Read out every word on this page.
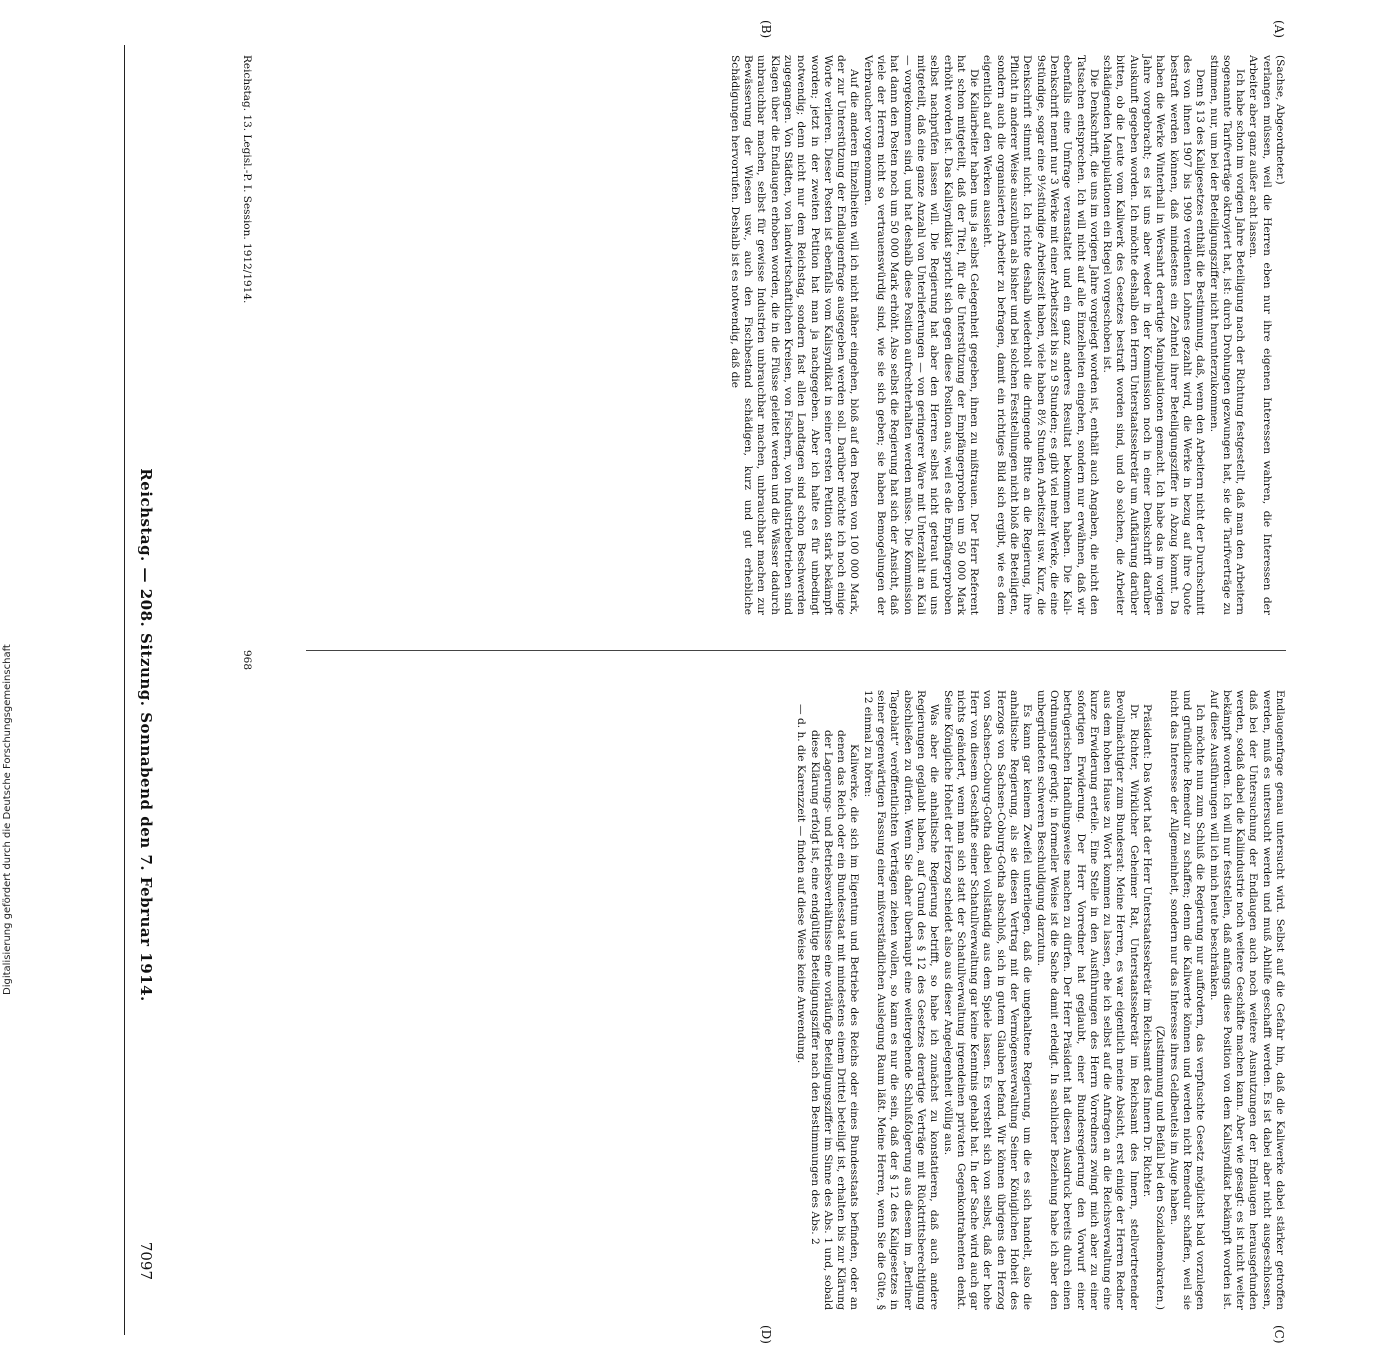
Reichstag. — 208. Sitzung. Sonnabend den 7. Februar 1914.
7097
(A)
(B)
(C)
(D)

(Sachse, Abgeordneter.)

verlangen müssen, weil die Herren eben nur ihre eigenen Interessen wahren, die Interessen der Arbeiter aber ganz außer acht lassen.

Ich habe schon im vorigen Jahre Beteiligung nach der Richtung festgestellt, daß man den Arbeitern sogenannte Tarifverträge oktroyiert hat, ist: durch Drohungen gezwungen hat, sie die Tarifverträge zu stimmen, nur, um bei der Beteiligungsziffer nicht herunterzukommen.

Denn § 13 des Kaligesetzes enthält die Bestimmung, daß, wenn den Arbeitern nicht der Durchschnitt des von ihnen 1907 bis 1909 verdienten Lohnes gezahlt wird, die Werke in bezug auf ihre Quote bestraft werden können, daß mindestens ein Zehntel ihrer Beteiligungsziffer in Abzug kommt. Da haben die Werke Winterhall in Wersahrt derartige Manipulationen gemacht. Ich habe das im vorigen Jahre vorgebracht; es ist uns aber weder in der Kommission noch in einer Denkschrift darüber Auskunft gegeben worden. Ich möchte deshalb den Herrn Unterstaatssekretär um Aufklärung darüber bitten, ob die Leute vom Kaliwerk des Gesetzes bestraft worden sind, und ob solchen, die Arbeiter schädigenden Manipulationen ein Riegel vorgeschoben ist.

Die Denkschrift, die uns im vorigen Jahre vorgelegt worden ist, enthält auch Angaben, die nicht den Tatsachen entsprechen. Ich will nicht auf alle Einzelheiten eingehen, sondern nur erwähnen, daß wir ebenfalls eine Umfrage veranstaltet und ein ganz anderes Resultat bekommen haben. Die Kali-Denkschrift nennt nur 3 Werke mit einer Arbeitszeit bis zu 9 Stunden; es gibt viel mehr Werke, die eine 9stündige, sogar eine 9½stündige Arbeitszeit haben, viele haben 8½ Stunden Arbeitszeit usw. Kurz, die Denkschrift stimmt nicht. Ich richte deshalb wiederholt die dringende Bitte an die Regierung, ihre Pflicht in anderer Weise auszuüben als bisher und bei solchen Feststellungen nicht bloß die Beteiligten, sondern auch die organisierten Arbeiter zu befragen, damit ein richtiges Bild sich ergibt, wie es dem eigentlich auf den Werken aussieht.

Die Kaliarbeiter haben uns ja selbst Gelegenheit gegeben, ihnen zu mißtrauen. Der Herr Referent hat schon mitgeteilt, daß der Titel, für die Unterstützung der Empfängerproben um 50 000 Mark erhöht worden ist. Das Kalisyndikat spricht sich gegen diese Position aus, weil es die Empfängerproben selbst nachprüfen lassen will. Die Regierung hat aber den Herren selbst nicht getraut und uns mitgeteilt, daß eine ganze Anzahl von Unterlieferungen — von geringerer Ware mit Unterzahlt an Kali — vorgekommen sind, und hat deshalb diese Position aufrechterhalten werden müsse. Die Kommission hat dann den Posten noch um 50 000 Mark erhöht. Also selbst die Regierung hat sich der Ansicht, daß viele der Herren nicht so vertrauenswürdig sind, wie sie sich geben; sie haben Bemogelungen der Verbraucher vorgenommen.

Auf die anderen Einzelheiten will ich nicht näher eingehen, bloß auf den Posten von 100 000 Mark, der zur Unterstützung der Endlaugenfrage ausgegeben werden soll. Darüber möchte ich noch einige Worte verlieren. Dieser Posten ist ebenfalls vom Kalisyndikat in seiner ersten Petition stark bekämpft worden; jetzt in der zweiten Petition hat man ja nachgegeben. Aber ich halte es für unbedingt notwendig; denn nicht nur dem Reichstag, sondern fast allen Landtagen sind schon Beschwerden zugegangen. Von Städten, von landwirtschaftlichen Kreisen, von Fischern, von Industriebetrieben sind Klagen über die Endlaugen erhoben worden, die in die Flüsse geleitet werden und die Wässer dadurch unbrauchbar machen, selbst für gewisse Industrien unbrauchbar machen, unbrauchbar machen zur Bewässerung der Wiesen usw., auch den Fischbestand schädigen, kurz und gut erhebliche Schädigungen hervorrufen. Deshalb ist es notwendig, daß die

Endlaugenfrage genau untersucht wird. Selbst auf die Gefahr hin, daß die Kaliwerke dabei stärker getroffen werden, muß es untersucht werden und muß Abhilfe geschafft werden. Es ist dabei aber nicht ausgeschlossen, daß bei der Untersuchung der Endlaugen auch noch weitere Ausnutzungen der Endlaugen herausgefunden werden, sodaß dabei die Kaliindustrie noch weitere Geschäfte machen kann. Aber wie gesagt: es ist nicht weiter bekämpft worden. Ich will nur feststellen, daß anfangs diese Position von dem Kalisyndikat bekämpft worden ist. Auf diese Ausführungen will ich mich heute beschränken.

Ich möchte nun zum Schluß die Regierung nur auffordern, das verpfuschte Gesetz möglichst bald vorzulegen und gründliche Remedur zu schaffen; denn die Kaliwerte können und werden nicht Remedur schaffen, weil sie nicht das Interesse der Allgemeinheit, sondern nur das Interesse ihres Geldbeutels im Auge haben.

(Zustimmung und Beifall bei den Sozialdemokraten.)

Präsident: Das Wort hat der Herr Unterstaatssekretär im Reichsamt des Innern Dr. Richter.

Dr. Richter, Wirklicher Geheimer Rat, Unterstaatssekretär im Reichsamt des Innern, stellvertretender Bevollmächtigter zum Bundesrat: Meine Herren, es war eigentlich meine Absicht, erst einige der Herren Redner aus dem hohen Hause zu Wort kommen zu lassen, ehe ich selbst auf die Anfragen an die Reichsverwaltung eine kurze Erwiderung erteile. Eine Stelle in den Ausführungen des Herrn Vorredners zwingt mich aber zu einer sofortigen Erwiderung. Der Herr Vorredner hat geglaubt, einer Bundesregierung den Vorwurf einer betrügerischen Handlungsweise machen zu dürfen. Der Herr Präsident hat diesen Ausdruck bereits durch einen Ordnungsruf gerügt; in formeller Weise ist die Sache damit erledigt. In sachlicher Beziehung habe ich aber den unbegründeten schweren Beschuldigung darzutun.

Es kann gar keinem Zweifel unterliegen, daß die ungehaltene Regierung, um die es sich handelt, also die anhaltische Regierung, als sie diesen Vertrag mit der Vermögensverwaltung Seiner Königlichen Hoheit des Herzogs von Sachsen-Coburg-Gotha abschloß, sich in gutem Glauben befand. Wir können übrigens den Herzog von Sachsen-Coburg-Gotha dabei vollständig aus dem Spiele lassen. Es versteht sich von selbst, daß der hohe Herr von diesem Geschäfte seiner Schatullverwaltung gar keine Kenntnis gehabt hat. In der Sache wird auch gar nichts geändert, wenn man sich statt der Schatullverwaltung irgendeinen privaten Gegenkontrahenten denkt. Seine Königliche Hoheit der Herzog scheidet also aus dieser Angelegenheit völlig aus.

Was aber die anhaltische Regierung betrifft, so habe ich zunächst zu konstatieren, daß auch andere Regierungen geglaubt haben, auf Grund des § 12 des Gesetzes derartige Verträge mit Rücktrittsberechtigung abschließen zu dürfen. Wenn Sie daher überhaupt eine weitergehende Schlußfolgerung aus diesem im „Berliner Tageblatt“ veröffentlichten Verträgen ziehen wollen, so kann es nur die sein, daß der § 12 des Kaligesetzes in seiner gegenwärtigen Fassung einer mißverständlichen Auslegung Raum läßt. Meine Herren, wenn Sie die Güte, § 12 einmal zu hören:

Kaliwerke, die sich im Eigentum und Betriebe des Reichs oder eines Bundesstaats befinden, oder an denen das Reich oder ein Bundesstaat mit mindestens einem Drittel beteiligt ist, erhalten bis zur Klärung der Lagerungs- und Betriebsverhältnisse eine vorläufige Beteiligungsziffer im Sinne des Abs. 1 und, sobald diese Klärung erfolgt ist, eine endgültige Beteiligungsziffer nach den Bestimmungen des Abs. 2

— d. h. die Karenzzeit — finden auf diese Weise keine Anwendung.

Reichstag. 13. Legisl.-P. I. Session. 1912/1914.
968
Digitalisierung gefördert durch die Deutsche Forschungsgemeinschaft
